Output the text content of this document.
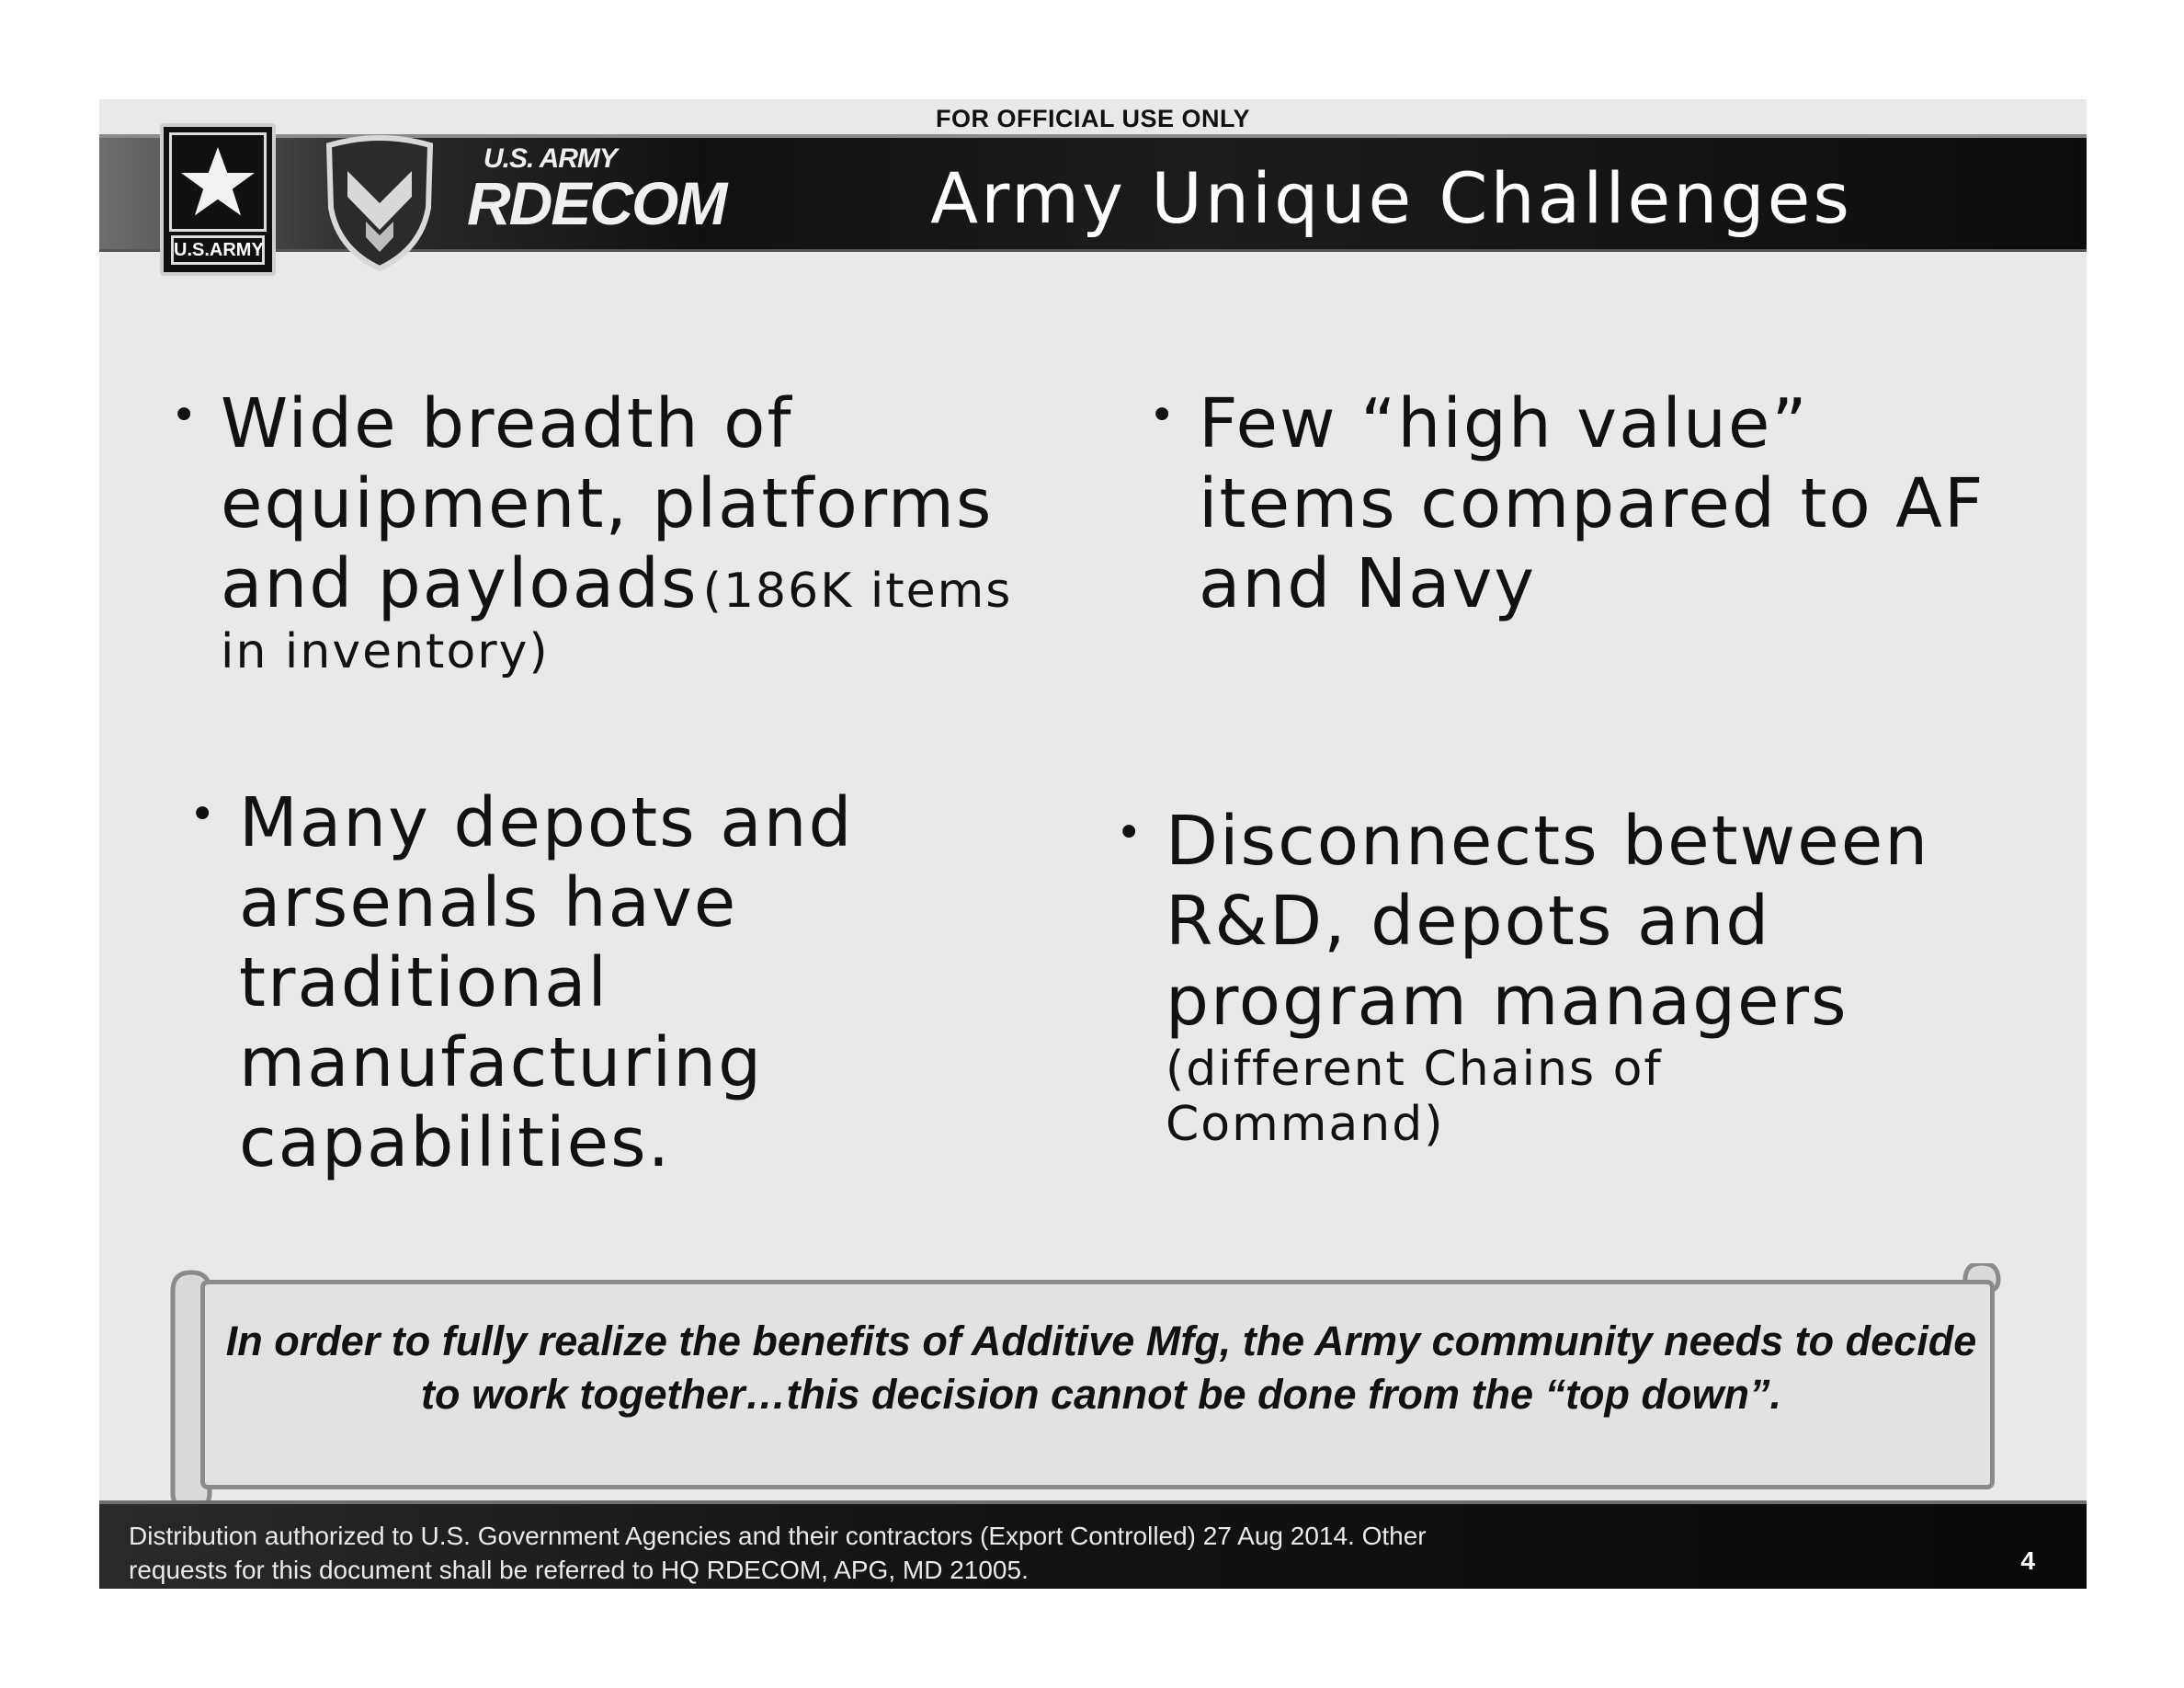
FOR OFFICIAL USE ONLY
Army Unique Challenges
U.S.ARMY
U.S. ARMY
RDECOM
• Wide breadth of equipment, platforms and payloads (186K items in inventory)
• Few “high value” items compared to AF and Navy
• Many depots and arsenals have traditional manufacturing capabilities.
• Disconnects between R&D, depots and program managers
(different Chains of Command)
In order to fully realize the benefits of Additive Mfg, the Army community needs to decide to work together…this decision cannot be done from the “top down”.
Distribution authorized to U.S. Government Agencies and their contractors (Export Controlled) 27 Aug 2014. Other requests for this document shall be referred to HQ RDECOM, APG, MD 21005.	4
